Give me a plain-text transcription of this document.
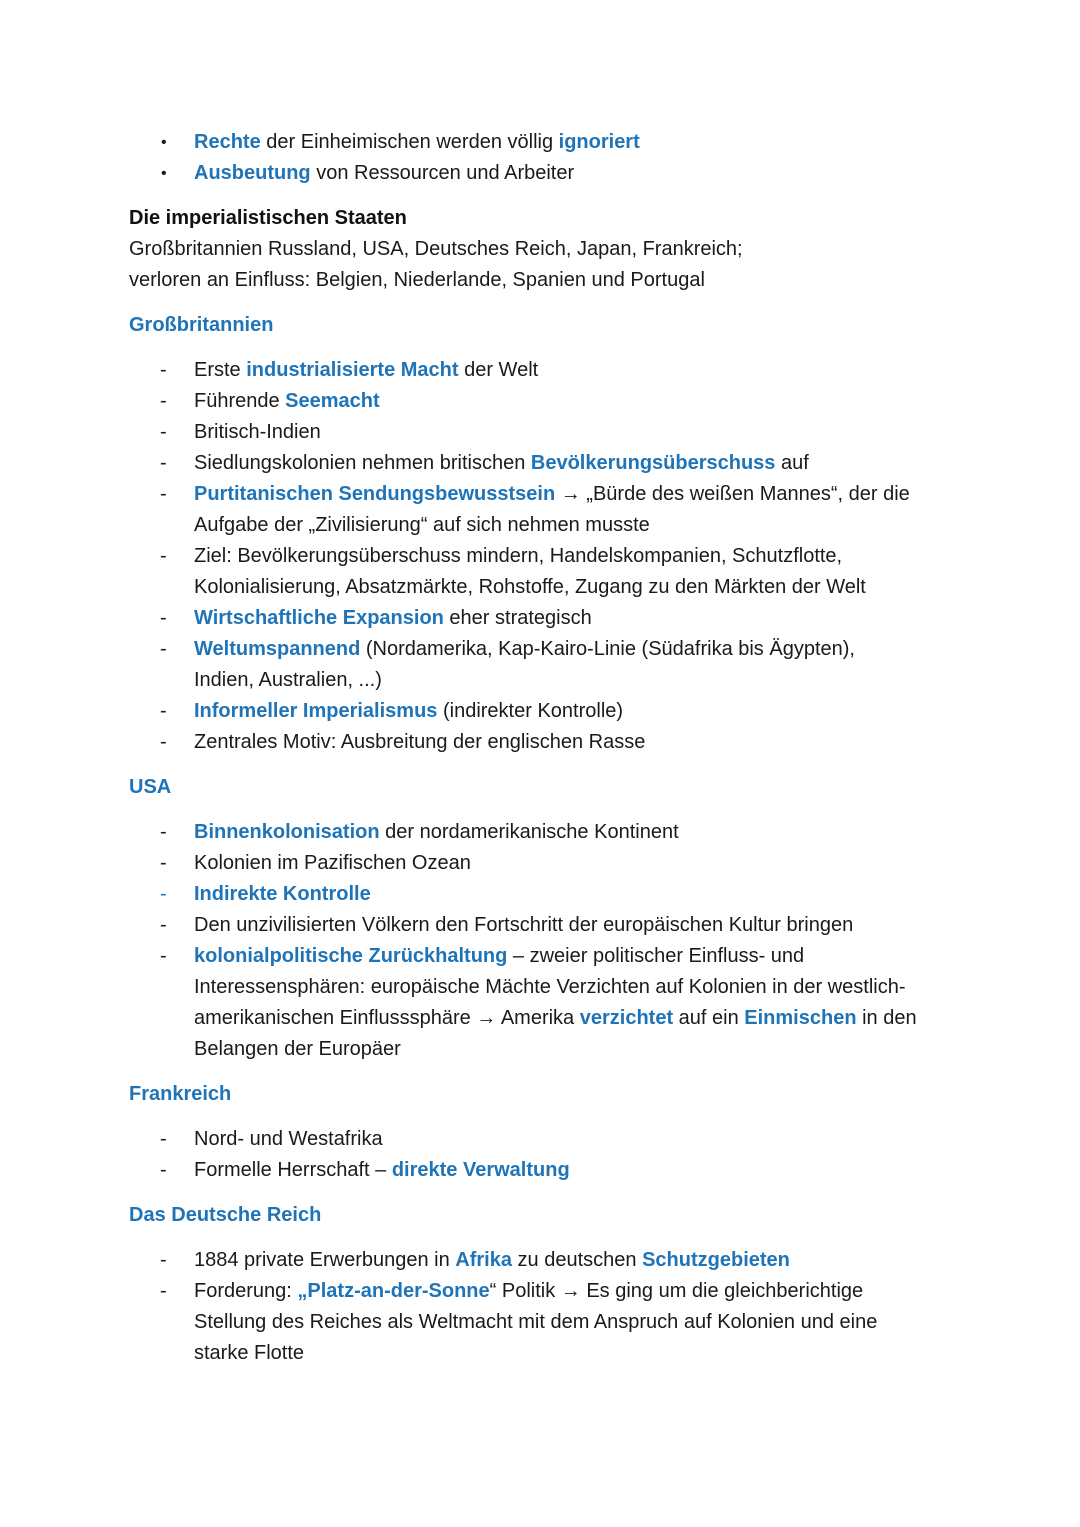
•	Rechte der Einheimischen werden völlig ignoriert
•	Ausbeutung von Ressourcen und Arbeiter
Die imperialistischen Staaten
Großbritannien Russland, USA, Deutsches Reich, Japan, Frankreich;
verloren an Einfluss: Belgien, Niederlande, Spanien und Portugal
Großbritannien
-	Erste industrialisierte Macht der Welt
-	Führende Seemacht
-	Britisch-Indien
-	Siedlungskolonien nehmen britischen Bevölkerungsüberschuss auf
-	Purtitanischen Sendungsbewusstsein → „Bürde des weißen Mannes“, der die
Aufgabe der „Zivilisierung“ auf sich nehmen musste
-	Ziel: Bevölkerungsüberschuss mindern, Handelskompanien, Schutzflotte,
Kolonialisierung, Absatzmärkte, Rohstoffe, Zugang zu den Märkten der Welt
-	Wirtschaftliche Expansion eher strategisch
-	Weltumspannend (Nordamerika, Kap-Kairo-Linie (Südafrika bis Ägypten),
Indien, Australien, ...)
-	Informeller Imperialismus (indirekter Kontrolle)
-	Zentrales Motiv: Ausbreitung der englischen Rasse
USA
-	Binnenkolonisation der nordamerikanische Kontinent
-	Kolonien im Pazifischen Ozean
-	Indirekte Kontrolle
-	Den unzivilisierten Völkern den Fortschritt der europäischen Kultur bringen
-	kolonialpolitische Zurückhaltung – zweier politischer Einfluss- und
Interessensphären: europäische Mächte Verzichten auf Kolonien in der westlich-
amerikanischen Einflusssphäre → Amerika verzichtet auf ein Einmischen in den
Belangen der Europäer
Frankreich
-	Nord- und Westafrika
-	Formelle Herrschaft – direkte Verwaltung
Das Deutsche Reich
-	1884 private Erwerbungen in Afrika zu deutschen Schutzgebieten
-	Forderung: „Platz-an-der-Sonne“ Politik → Es ging um die gleichberichtige
Stellung des Reiches als Weltmacht mit dem Anspruch auf Kolonien und eine
starke Flotte
